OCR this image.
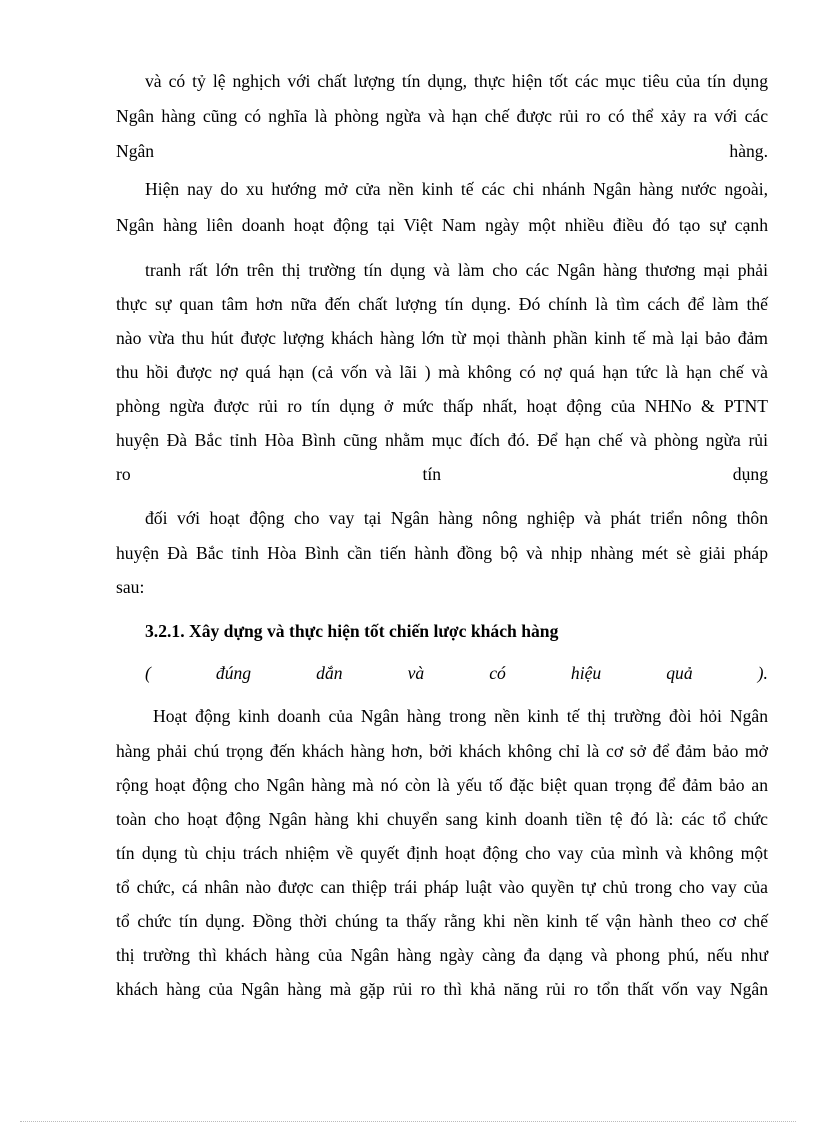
và có tỷ lệ nghịch với chất lượng tín dụng, thực hiện tốt các mục tiêu của tín dụng

Ngân hàng cũng có nghĩa là phòng ngừa và hạn chế được rủi ro có thể xảy ra với các

Ngân	hàng.

Hiện nay do xu hướng mở cửa nền kinh tế các chi nhánh Ngân hàng nước ngoài,

Ngân hàng liên doanh hoạt động tại Việt Nam ngày một nhiều điều đó tạo sự cạnh

tranh rất lớn trên thị trường tín dụng và làm cho các Ngân hàng thương mại phải

thực sự quan tâm hơn nữa đến chất lượng tín dụng. Đó chính là tìm cách để làm thế

nào vừa thu hút được lượng khách hàng lớn từ mọi thành phần kinh tế mà lại bảo đảm

thu hồi được nợ quá hạn (cả vốn và lãi ) mà không có nợ quá hạn tức là hạn chế và

phòng ngừa được rủi ro tín dụng ở mức thấp nhất, hoạt động của NHNo & PTNT

huyện Đà Bắc tỉnh Hòa Bình cũng nhằm mục đích đó. Để hạn chế và phòng ngừa rủi

ro	tín	dụng

đối với hoạt động cho vay tại Ngân hàng nông nghiệp và phát triển nông thôn

huyện Đà Bắc tỉnh Hòa Bình cần tiến hành đồng bộ và nhịp nhàng mét sè giải pháp

sau:

3.2.1. Xây dựng và thực hiện tốt chiến lược khách hàng

(	đúng	dắn	và	có	hiệu	quả	).

Hoạt động kinh doanh của Ngân hàng trong nền kinh tế thị trường đòi hỏi Ngân

hàng phải chú trọng đến khách hàng hơn, bởi khách không chỉ là cơ sở để đảm bảo mở

rộng hoạt động cho Ngân hàng mà nó còn là yếu tố đặc biệt quan trọng để đảm bảo an

toàn cho hoạt động Ngân hàng khi chuyển sang kinh doanh tiền tệ đó là: các tổ chức

tín dụng tù chịu trách nhiệm về quyết định hoạt động cho vay của mình và không một

tổ chức, cá nhân nào được can thiệp trái pháp luật vào quyền tự chủ trong cho vay của

tổ chức tín dụng. Đồng thời chúng ta thấy rằng khi nền kinh tế vận hành theo cơ chế

thị trường thì khách hàng của Ngân hàng ngày càng đa dạng và phong phú, nếu như

khách hàng của Ngân hàng mà gặp rủi ro thì khả năng rủi ro tổn thất vốn vay Ngân
